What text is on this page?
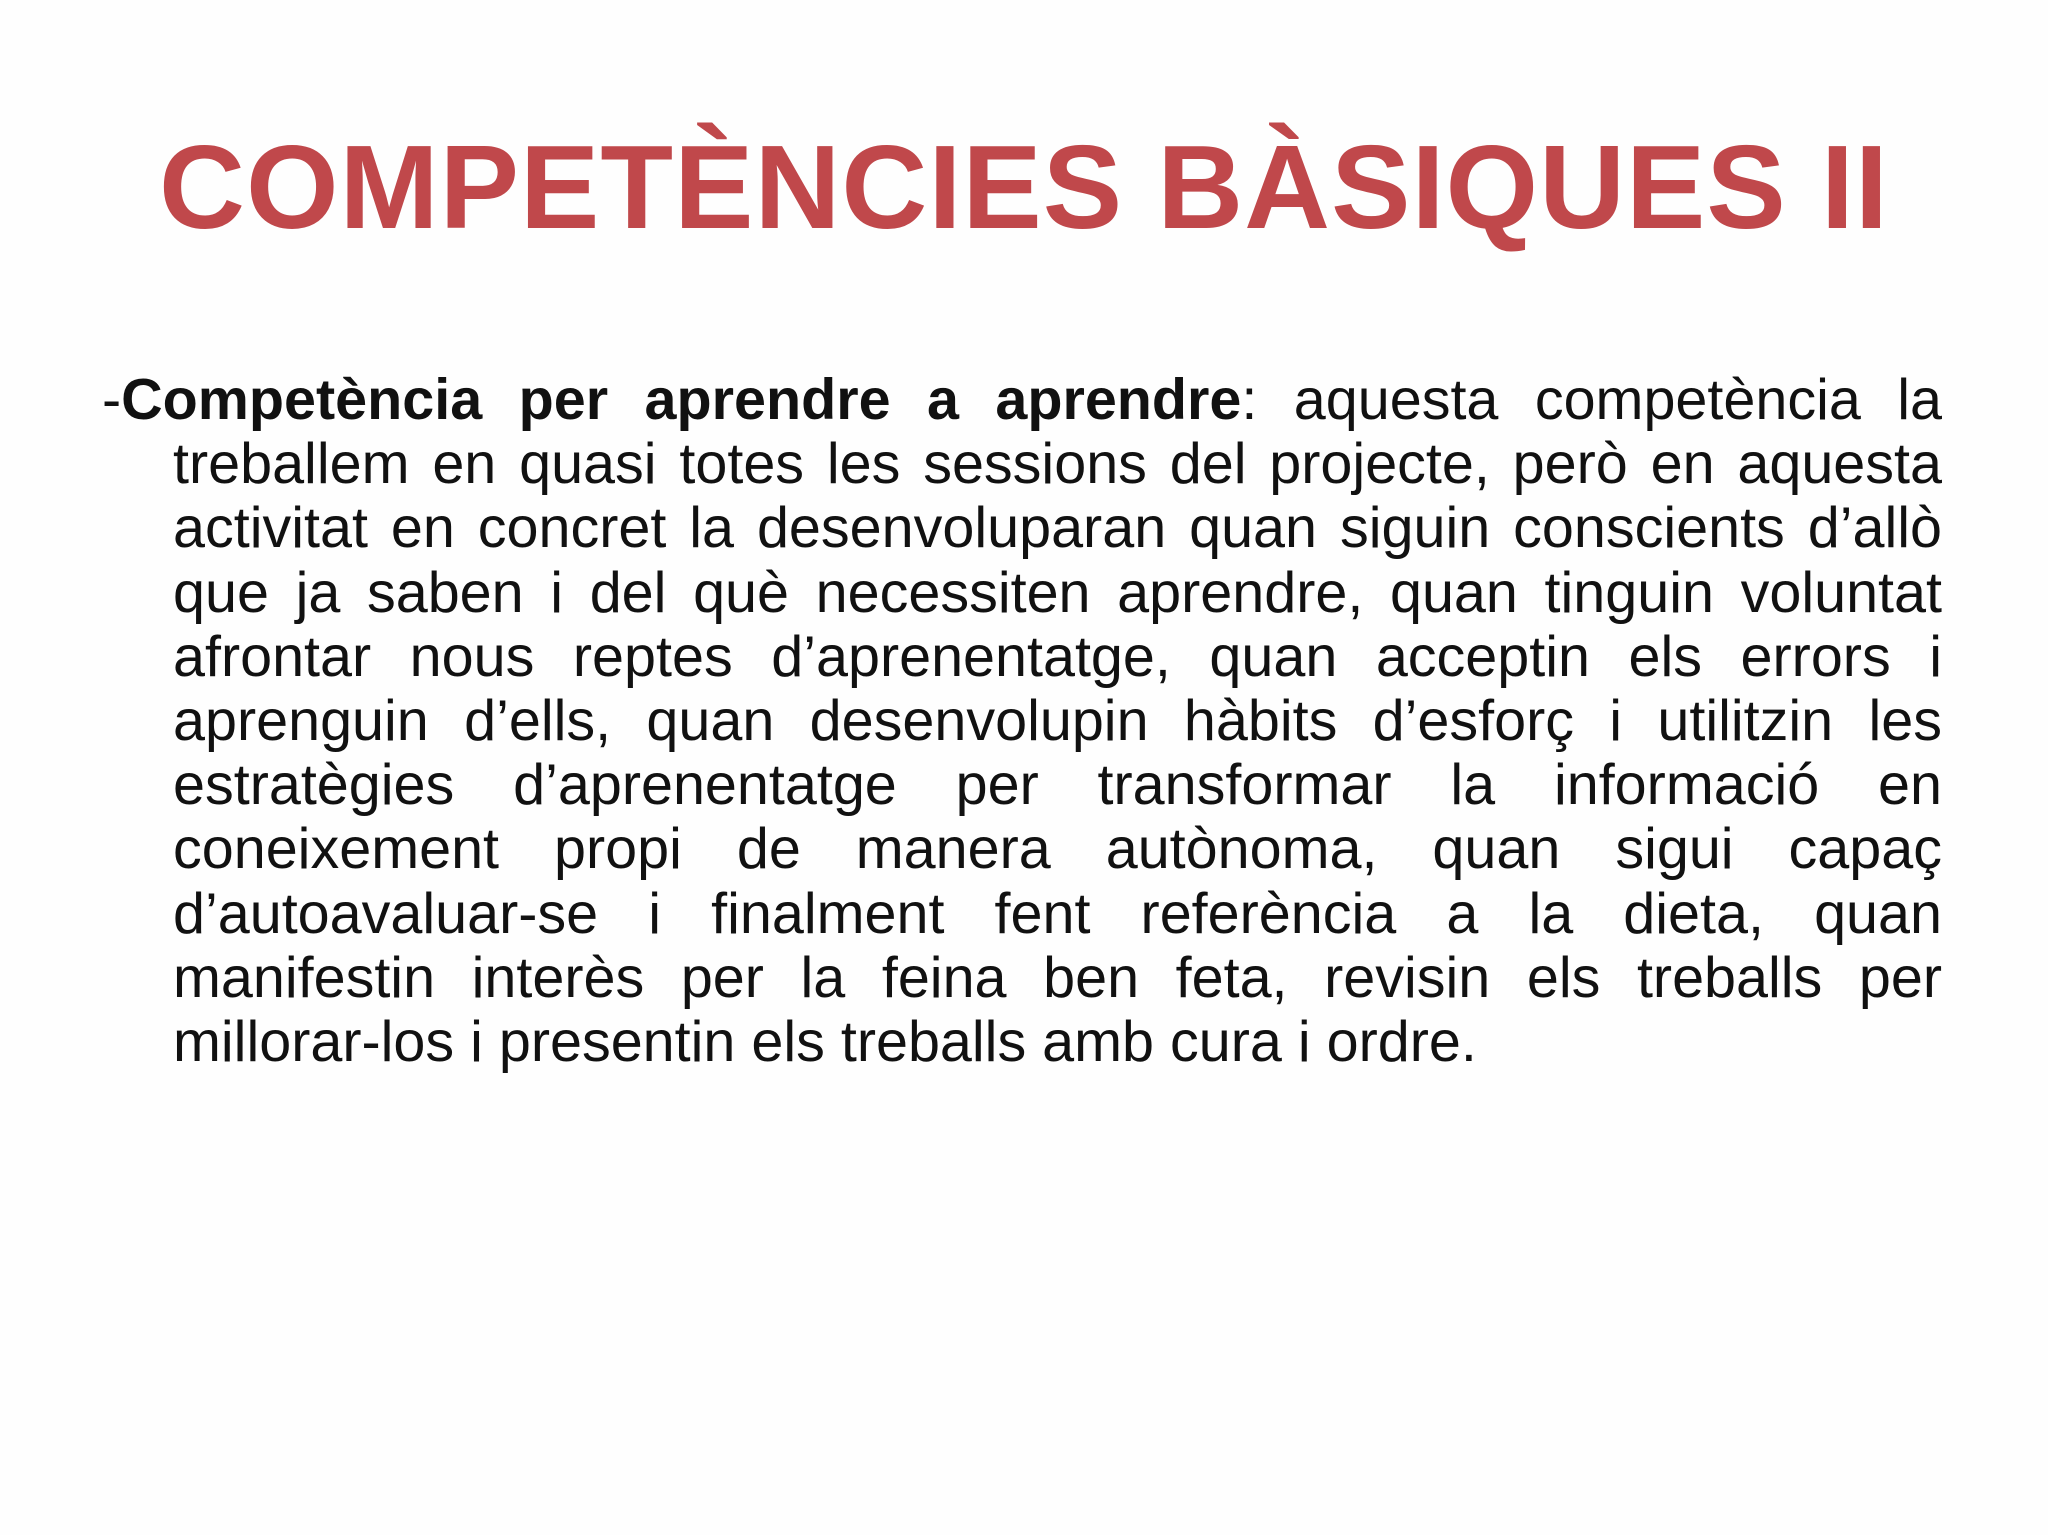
COMPETÈNCIES BÀSIQUES II

-Competència per aprendre a aprendre: aquesta competència la treballem en quasi totes les sessions del projecte, però en aquesta activitat en concret la desenvoluparan quan siguin conscients d’allò que ja saben i del què necessiten aprendre, quan tinguin voluntat afrontar nous reptes d’aprenentatge, quan acceptin els errors i aprenguin d’ells, quan desenvolupin hàbits d’esforç i utilitzin les estratègies d’aprenentatge per transformar la informació en coneixement propi de manera autònoma, quan sigui capaç d’autoavaluar-se i finalment fent referència a la dieta, quan manifestin interès per la feina ben feta, revisin els treballs per millorar-los i presentin els treballs amb cura i ordre.
